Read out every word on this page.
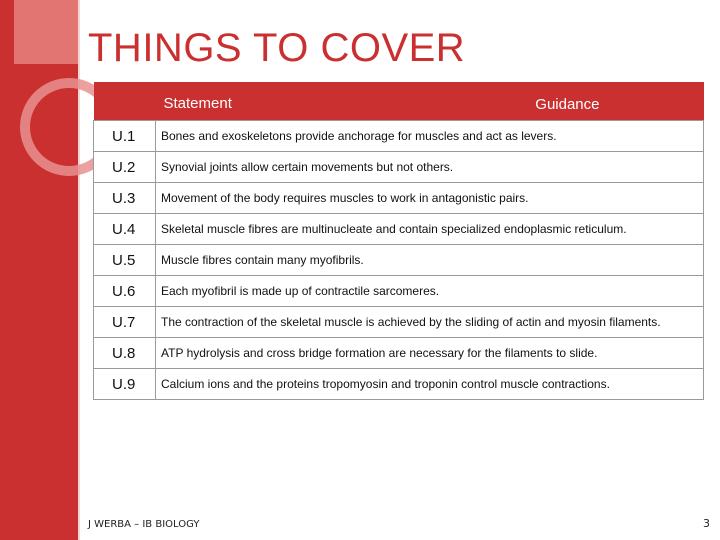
THINGS TO COVER

	Statement Guidance

U.1	Bones and exoskeletons provide anchorage for muscles and act as levers.
U.2	Synovial joints allow certain movements but not others.
U.3	Movement of the body requires muscles to work in antagonistic pairs.
U.4	Skeletal muscle fibres are multinucleate and contain specialized endoplasmic reticulum.
U.5	Muscle fibres contain many myofibrils.
U.6	Each myofibril is made up of contractile sarcomeres.
U.7	The contraction of the skeletal muscle is achieved by the sliding of actin and myosin filaments.
U.8	ATP hydrolysis and cross bridge formation are necessary for the filaments to slide.
U.9	Calcium ions and the proteins tropomyosin and troponin control muscle contractions.
J WERBA – IB BIOLOGY	3
